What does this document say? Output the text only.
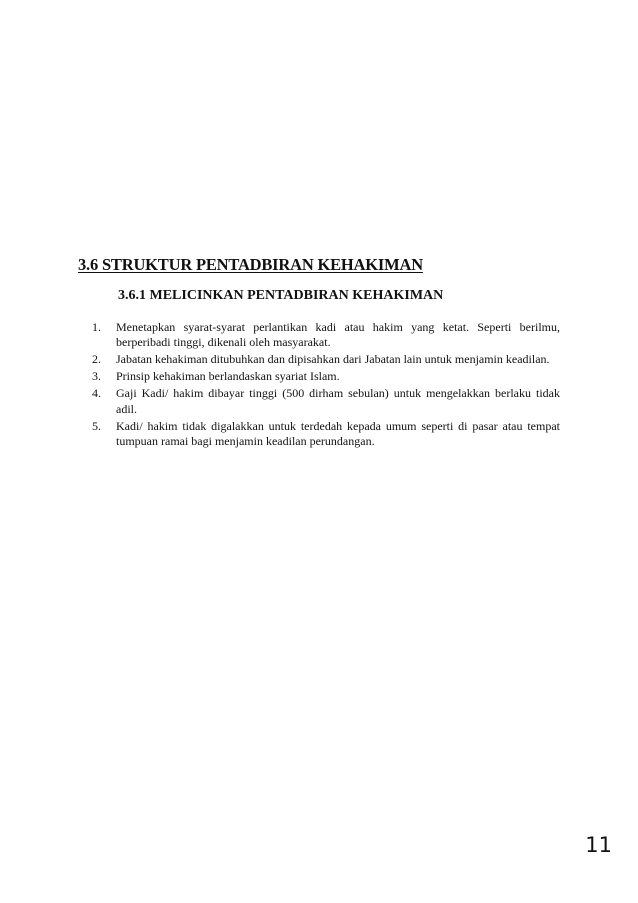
3.6 STRUKTUR PENTADBIRAN KEHAKIMAN
3.6.1 MELICINKAN PENTADBIRAN KEHAKIMAN
1.	Menetapkan syarat-syarat perlantikan kadi atau hakim yang ketat. Seperti berilmu, berperibadi tinggi, dikenali oleh masyarakat.
2.	Jabatan kehakiman ditubuhkan dan dipisahkan dari Jabatan lain untuk menjamin keadilan.
3.	Prinsip kehakiman berlandaskan syariat Islam.
4.	Gaji Kadi/ hakim dibayar tinggi (500 dirham sebulan) untuk mengelakkan berlaku tidak adil.
5.	Kadi/ hakim tidak digalakkan untuk terdedah kepada umum seperti di pasar atau tempat tumpuan ramai bagi menjamin keadilan perundangan.

11
